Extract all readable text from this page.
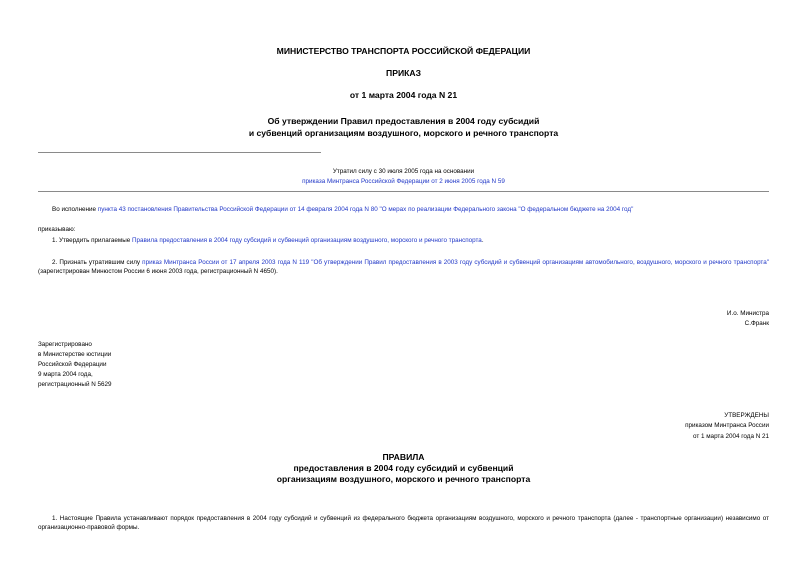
МИНИСТЕРСТВО ТРАНСПОРТА РОССИЙСКОЙ ФЕДЕРАЦИИ
ПРИКАЗ
от 1 марта 2004 года N 21
Об утверждении Правил предоставления в 2004 году субсидий
и субвенций организациям воздушного, морского и речного транспорта
Утратил силу с 30 июля 2005 года на основании
приказа Минтранса Российской Федерации от 2 июня 2005 года N 59
Во исполнение пункта 43 постановления Правительства Российской Федерации от 14 февраля 2004 года N 80 "О мерах по реализации Федерального закона "О федеральном бюджете на 2004 год"
приказываю:
1. Утвердить прилагаемые Правила предоставления в 2004 году субсидий и субвенций организациям воздушного, морского и речного транспорта.
2. Признать утратившим силу приказ Минтранса России от 17 апреля 2003 года N 119 "Об утверждении Правил предоставления в 2003 году субсидий и субвенций организациям автомобильного, воздушного, морского и речного транспорта" (зарегистрирован Минюстом России 6 июня 2003 года, регистрационный N 4650).
И.о. Министра
С.Франк
Зарегистрировано
в Министерстве юстиции
Российской Федерации
9 марта 2004 года,
регистрационный N 5629
УТВЕРЖДЕНЫ
приказом Минтранса России
от 1 марта 2004 года N 21
ПРАВИЛА
предоставления в 2004 году субсидий и субвенций
организациям воздушного, морского и речного транспорта
1. Настоящие Правила устанавливают порядок предоставления в 2004 году субсидий и субвенций из федерального бюджета организациям воздушного, морского и речного транспорта (далее - транспортные организации) независимо от организационно-правовой формы.
